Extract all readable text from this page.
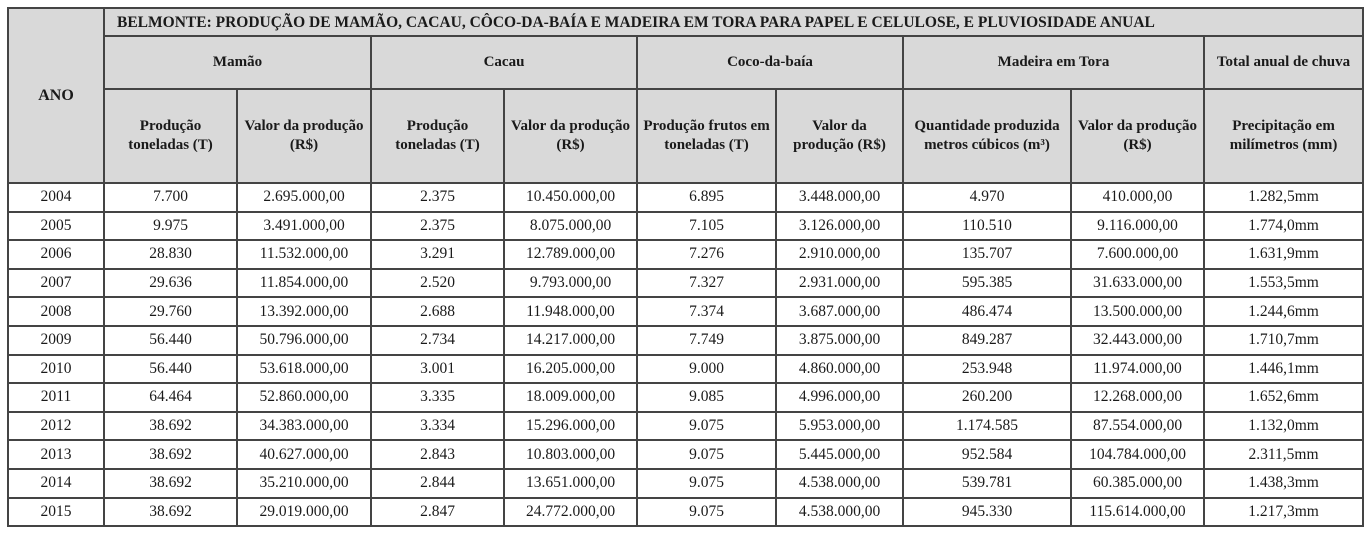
ANO	BELMONTE: PRODUÇÃO DE MAMÃO, CACAU, CÔCO-DA-BAÍA E MADEIRA EM TORA PARA PAPEL E CELULOSE, E PLUVIOSIDADE ANUAL								
	Mamão		Cacau		Coco-da-baía		Madeira em Tora		Total anual de chuva
	Produção toneladas (T)	Valor da produção (R$)	Produção toneladas (T)	Valor da produção (R$)	Produção frutos em toneladas (T)	Valor da produção (R$)	Quantidade produzida metros cúbicos (m³)	Valor da produção (R$)	Precipitação em milímetros (mm)
2004	7.700	2.695.000,00	2.375	10.450.000,00	6.895	3.448.000,00	4.970	410.000,00	1.282,5mm
2005	9.975	3.491.000,00	2.375	8.075.000,00	7.105	3.126.000,00	110.510	9.116.000,00	1.774,0mm
2006	28.830	11.532.000,00	3.291	12.789.000,00	7.276	2.910.000,00	135.707	7.600.000,00	1.631,9mm
2007	29.636	11.854.000,00	2.520	9.793.000,00	7.327	2.931.000,00	595.385	31.633.000,00	1.553,5mm
2008	29.760	13.392.000,00	2.688	11.948.000,00	7.374	3.687.000,00	486.474	13.500.000,00	1.244,6mm
2009	56.440	50.796.000,00	2.734	14.217.000,00	7.749	3.875.000,00	849.287	32.443.000,00	1.710,7mm
2010	56.440	53.618.000,00	3.001	16.205.000,00	9.000	4.860.000,00	253.948	11.974.000,00	1.446,1mm
2011	64.464	52.860.000,00	3.335	18.009.000,00	9.085	4.996.000,00	260.200	12.268.000,00	1.652,6mm
2012	38.692	34.383.000,00	3.334	15.296.000,00	9.075	5.953.000,00	1.174.585	87.554.000,00	1.132,0mm
2013	38.692	40.627.000,00	2.843	10.803.000,00	9.075	5.445.000,00	952.584	104.784.000,00	2.311,5mm
2014	38.692	35.210.000,00	2.844	13.651.000,00	9.075	4.538.000,00	539.781	60.385.000,00	1.438,3mm
2015	38.692	29.019.000,00	2.847	24.772.000,00	9.075	4.538.000,00	945.330	115.614.000,00	1.217,3mm
